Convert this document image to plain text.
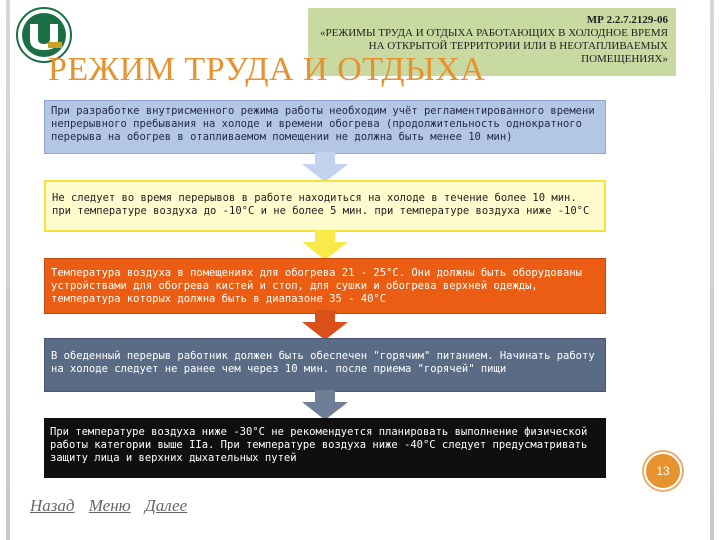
МР 2.2.7.2129-06
«РЕЖИМЫ ТРУДА И ОТДЫХА РАБОТАЮЩИХ В ХОЛОДНОЕ ВРЕМЯ НА ОТКРЫТОЙ ТЕРРИТОРИИ ИЛИ В НЕОТАПЛИВАЕМЫХ ПОМЕЩЕНИЯХ»
РЕЖИМ ТРУДА И ОТДЫХА
При разработке внутрисменного режима работы необходим учёт регламентированного времени непрерывного пребывания на холоде и времени обогрева (продолжительность однократного перерыва на обогрев в отапливаемом помещении не должна быть менее 10 мин)
Не следует во время перерывов в работе находиться на холоде в течение более 10 мин. при температуре воздуха до -10°С и не более 5 мин. при температуре воздуха ниже -10°С
Температура воздуха в помещениях для обогрева 21 - 25°С. Они должны быть оборудованы устройствами для обогрева кистей и стоп, для сушки и обогрева верхней одежды, температура которых должна быть в диапазоне 35 - 40°С
В обеденный перерыв работник должен быть обеспечен "горячим" питанием. Начинать работу на холоде следует не ранее чем через 10 мин. после приема "горячей" пищи
При температуре воздуха ниже -30°С не рекомендуется планировать выполнение физической работы категории выше IIa. При температуре воздуха ниже -40°С следует предусматривать защиту лица и верхних дыхательных путей
13
Назад Меню Далее
